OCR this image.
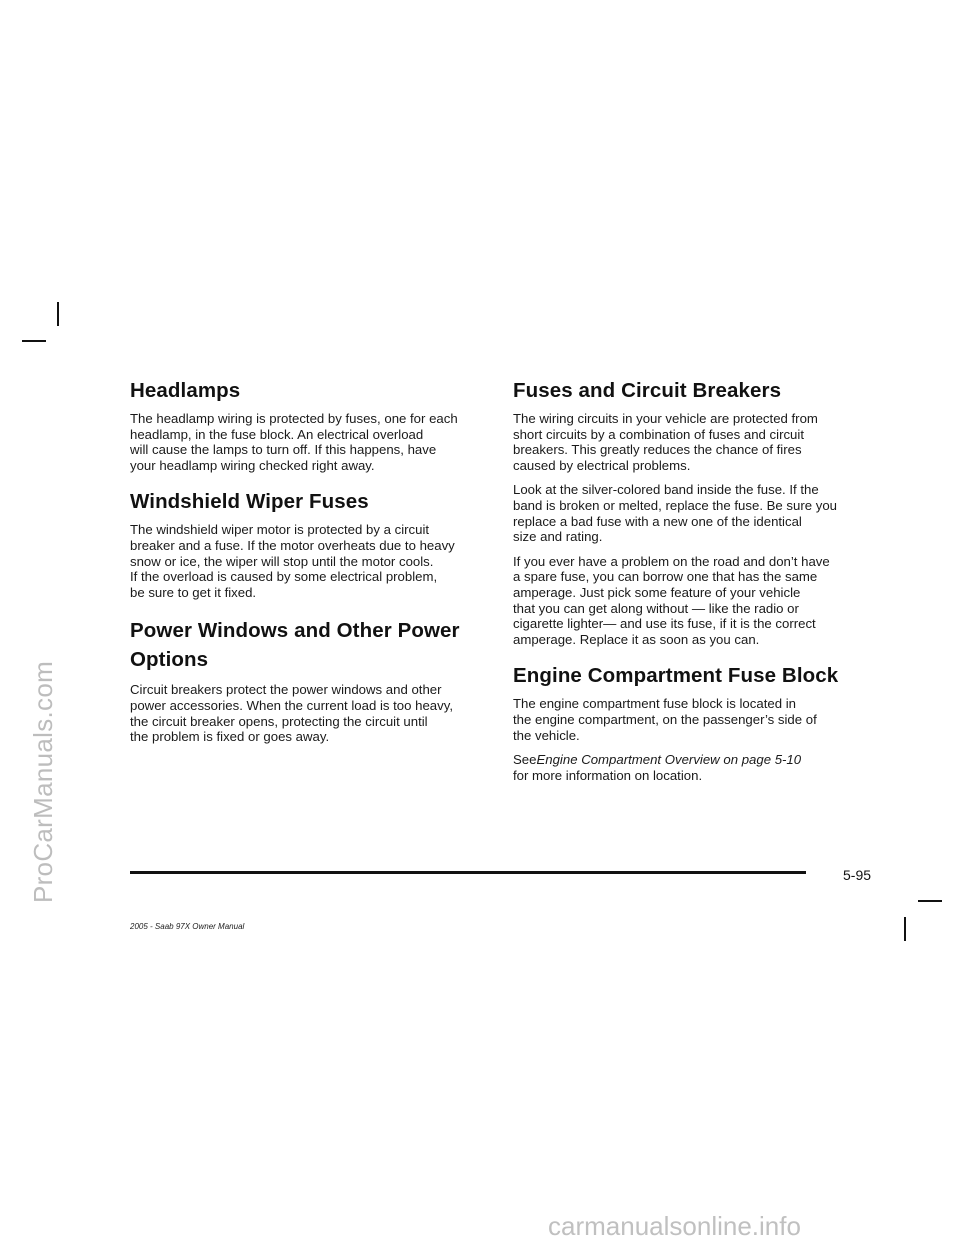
Headlamps

The headlamp wiring is protected by fuses, one for each
headlamp, in the fuse block. An electrical overload
will cause the lamps to turn off. If this happens, have
your headlamp wiring checked right away.

Windshield Wiper Fuses

The windshield wiper motor is protected by a circuit
breaker and a fuse. If the motor overheats due to heavy
snow or ice, the wiper will stop until the motor cools.
If the overload is caused by some electrical problem,
be sure to get it fixed.

Power Windows and Other Power
Options

Circuit breakers protect the power windows and other
power accessories. When the current load is too heavy,
the circuit breaker opens, protecting the circuit until
the problem is fixed or goes away.

Fuses and Circuit Breakers

The wiring circuits in your vehicle are protected from
short circuits by a combination of fuses and circuit
breakers. This greatly reduces the chance of fires
caused by electrical problems.

Look at the silver-colored band inside the fuse. If the
band is broken or melted, replace the fuse. Be sure you
replace a bad fuse with a new one of the identical
size and rating.

If you ever have a problem on the road and don’t have
a spare fuse, you can borrow one that has the same
amperage. Just pick some feature of your vehicle
that you can get along without — like the radio or
cigarette lighter— and use its fuse, if it is the correct
amperage. Replace it as soon as you can.

Engine Compartment Fuse Block

The engine compartment fuse block is located in
the engine compartment, on the passenger’s side of
the vehicle.

SeeEngine Compartment Overview on page 5-10
for more information on location.

5-95
2005 - Saab 97X Owner Manual
ProCarManuals.com
carmanualsonline.info
